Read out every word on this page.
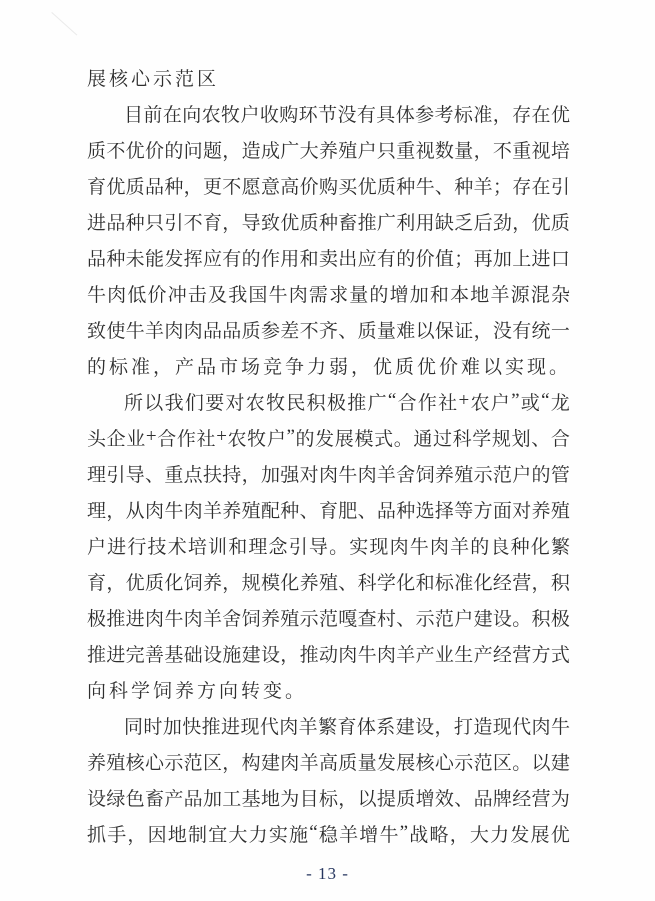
展核心示范区
目 前 在 向 农 牧 户 收 购 环 节 没 有 具 体 参 考 标 准 ， 存 在 优
质 不 优 价 的 问 题 ， 造 成 广 大 养 殖 户 只 重 视 数 量 ， 不 重 视 培
育 优 质 品 种 ， 更 不 愿 意 高 价 购 买 优 质 种 牛 、 种 羊 ； 存 在 引
进 品 种 只 引 不 育 ， 导 致 优 质 种 畜 推 广 利 用 缺 乏 后 劲 ， 优 质
品 种 未 能 发 挥 应 有 的 作 用 和 卖 出 应 有 的 价 值 ； 再 加 上 进 口
牛 肉 低 价 冲 击 及 我 国 牛 肉 需 求 量 的 增 加 和 本 地 羊 源 混 杂
致 使 牛 羊 肉 肉 品 品 质 参 差 不 齐 、 质 量 难 以 保 证 ， 没 有 统 一
的标准，产品市场竞争力弱，优质优价难以实现。
所 以 我 们 要 对 农 牧 民 积 极 推 广 “ 合 作 社 + 农 户 ” 或 “ 龙
头 企 业 + 合 作 社 + 农 牧 户 ” 的 发 展 模 式 。 通 过 科 学 规 划 、 合
理 引 导 、 重 点 扶 持 ， 加 强 对 肉 牛 肉 羊 舍 饲 养 殖 示 范 户 的 管
理 ， 从 肉 牛 肉 羊 养 殖 配 种 、 育 肥 、 品 种 选 择 等 方 面 对 养 殖
户 进 行 技 术 培 训 和 理 念 引 导 。 实 现 肉 牛 肉 羊 的 良 种 化 繁
育 ， 优 质 化 饲 养 ， 规 模 化 养 殖 、 科 学 化 和 标 准 化 经 营 ， 积
极 推 进 肉 牛 肉 羊 舍 饲 养 殖 示 范 嘎 查 村 、 示 范 户 建 设 。 积 极
推 进 完 善 基 础 设 施 建 设 ， 推 动 肉 牛 肉 羊 产 业 生 产 经 营 方 式
向科学饲养方向转变。
同 时 加 快 推 进 现 代 肉 羊 繁 育 体 系 建 设 ， 打 造 现 代 肉 牛
养 殖 核 心 示 范 区 ， 构 建 肉 羊 高 质 量 发 展 核 心 示 范 区 。 以 建
设 绿 色 畜 产 品 加 工 基 地 为 目 标 ， 以 提 质 增 效 、 品 牌 经 营 为
抓 手 ， 因 地 制 宜 大 力 实 施 “ 稳 羊 增 牛 ” 战 略 ， 大 力 发 展 优
- 13 -
